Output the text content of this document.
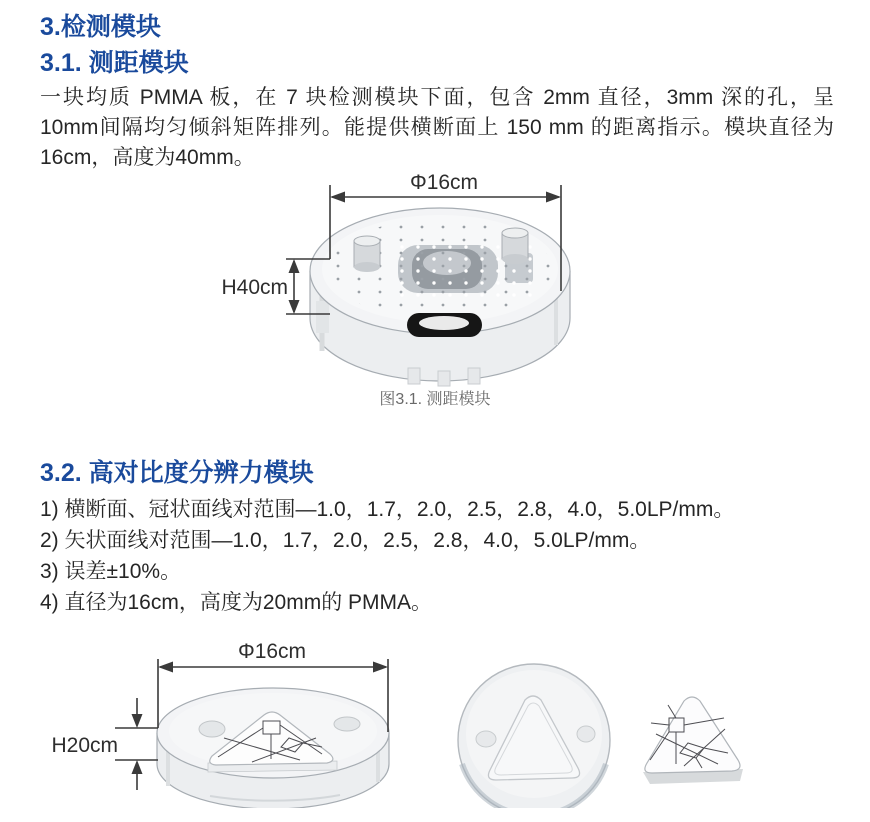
3.检测模块
3.1. 测距模块

一块均质 PMMA 板，在 7 块检测模块下面，包含 2mm 直径，3mm 深的孔，呈 10mm间隔均匀倾斜矩阵排列。能提供横断面上 150 mm 的距离指示。模块直径为16cm，高度为40mm。

Φ16cm
H40cm
图3.1. 测距模块
3.2. 高对比度分辨力模块
1) 横断面、冠状面线对范围—1.0，1.7，2.0，2.5，2.8，4.0，5.0LP/mm。
2) 矢状面线对范围—1.0，1.7，2.0，2.5，2.8，4.0，5.0LP/mm。
3) 误差±10%。
4) 直径为16cm，高度为20mm的 PMMA。
Φ16cm
H20cm
